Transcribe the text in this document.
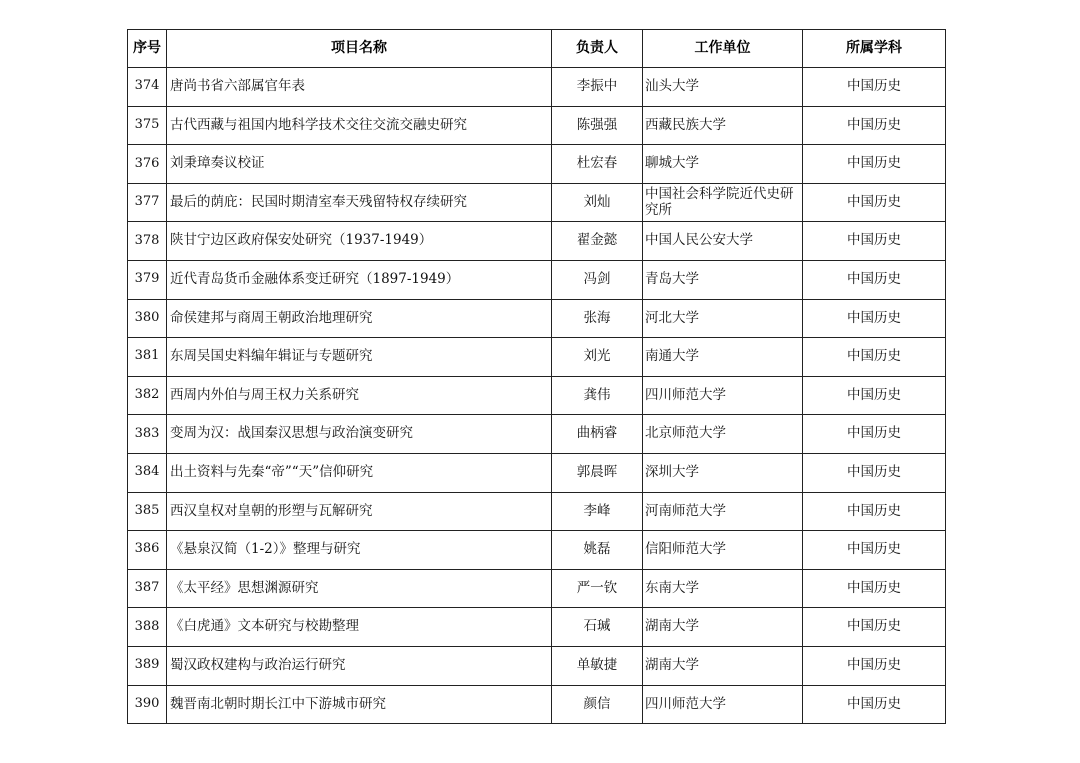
序号	项目名称	负责人	工作单位	所属学科
374	唐尚书省六部属官年表	李振中	汕头大学	中国历史
375	古代西藏与祖国内地科学技术交往交流交融史研究	陈强强	西藏民族大学	中国历史
376	刘秉璋奏议校证	杜宏春	聊城大学	中国历史
377	最后的荫庇：民国时期清室奉天残留特权存续研究	刘灿	中国社会科学院近代史研究所	中国历史
378	陕甘宁边区政府保安处研究（1937-1949）	翟金懿	中国人民公安大学	中国历史
379	近代青岛货币金融体系变迁研究（1897-1949）	冯剑	青岛大学	中国历史
380	命侯建邦与商周王朝政治地理研究	张海	河北大学	中国历史
381	东周吴国史料编年辑证与专题研究	刘光	南通大学	中国历史
382	西周内外伯与周王权力关系研究	龚伟	四川师范大学	中国历史
383	变周为汉：战国秦汉思想与政治演变研究	曲柄睿	北京师范大学	中国历史
384	出土资料与先秦“帝”“天”信仰研究	郭晨晖	深圳大学	中国历史
385	西汉皇权对皇朝的形塑与瓦解研究	李峰	河南师范大学	中国历史
386	《悬泉汉简（1-2）》整理与研究	姚磊	信阳师范大学	中国历史
387	《太平经》思想渊源研究	严一钦	东南大学	中国历史
388	《白虎通》文本研究与校勘整理	石瑊	湖南大学	中国历史
389	蜀汉政权建构与政治运行研究	单敏捷	湖南大学	中国历史
390	魏晋南北朝时期长江中下游城市研究	颜信	四川师范大学	中国历史
